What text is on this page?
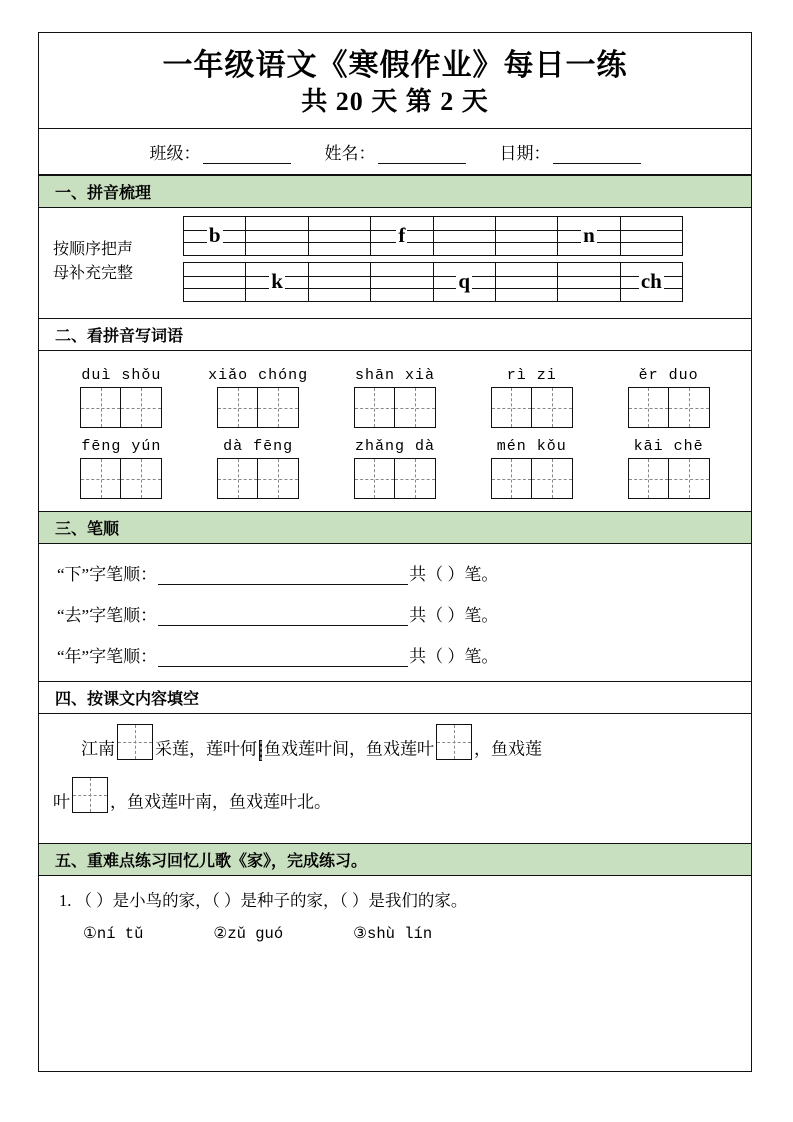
一年级语文《寒假作业》每日一练
共 20 天 第 2 天
班级：	姓名：	日期：
一、拼音梳理
按顺序把声
母补充完整
b			f			n	
	k			q			ch
二、看拼音写词语
duì shǒu	xiǎo chóng	shān xià	rì zi	ěr duo
fēng yún	dà fēng	zhǎng dà	mén kǒu	kāi chē
三、笔顺
“下”字笔顺：	共（ ）笔。
“去”字笔顺：	共（ ）笔。
“年”字笔顺：	共（ ）笔。
四、按课文内容填空
江南 采莲，莲叶何 鱼戏莲叶间，鱼戏莲叶 ，鱼戏莲
叶 ，鱼戏莲叶南，鱼戏莲叶北。
五、重难点练习回忆儿歌《家》，完成练习。
1. （ ）是小鸟的家，（ ）是种子的家，（ ）是我们的家。
①ní tǔ	②zǔ guó	③shù lín
